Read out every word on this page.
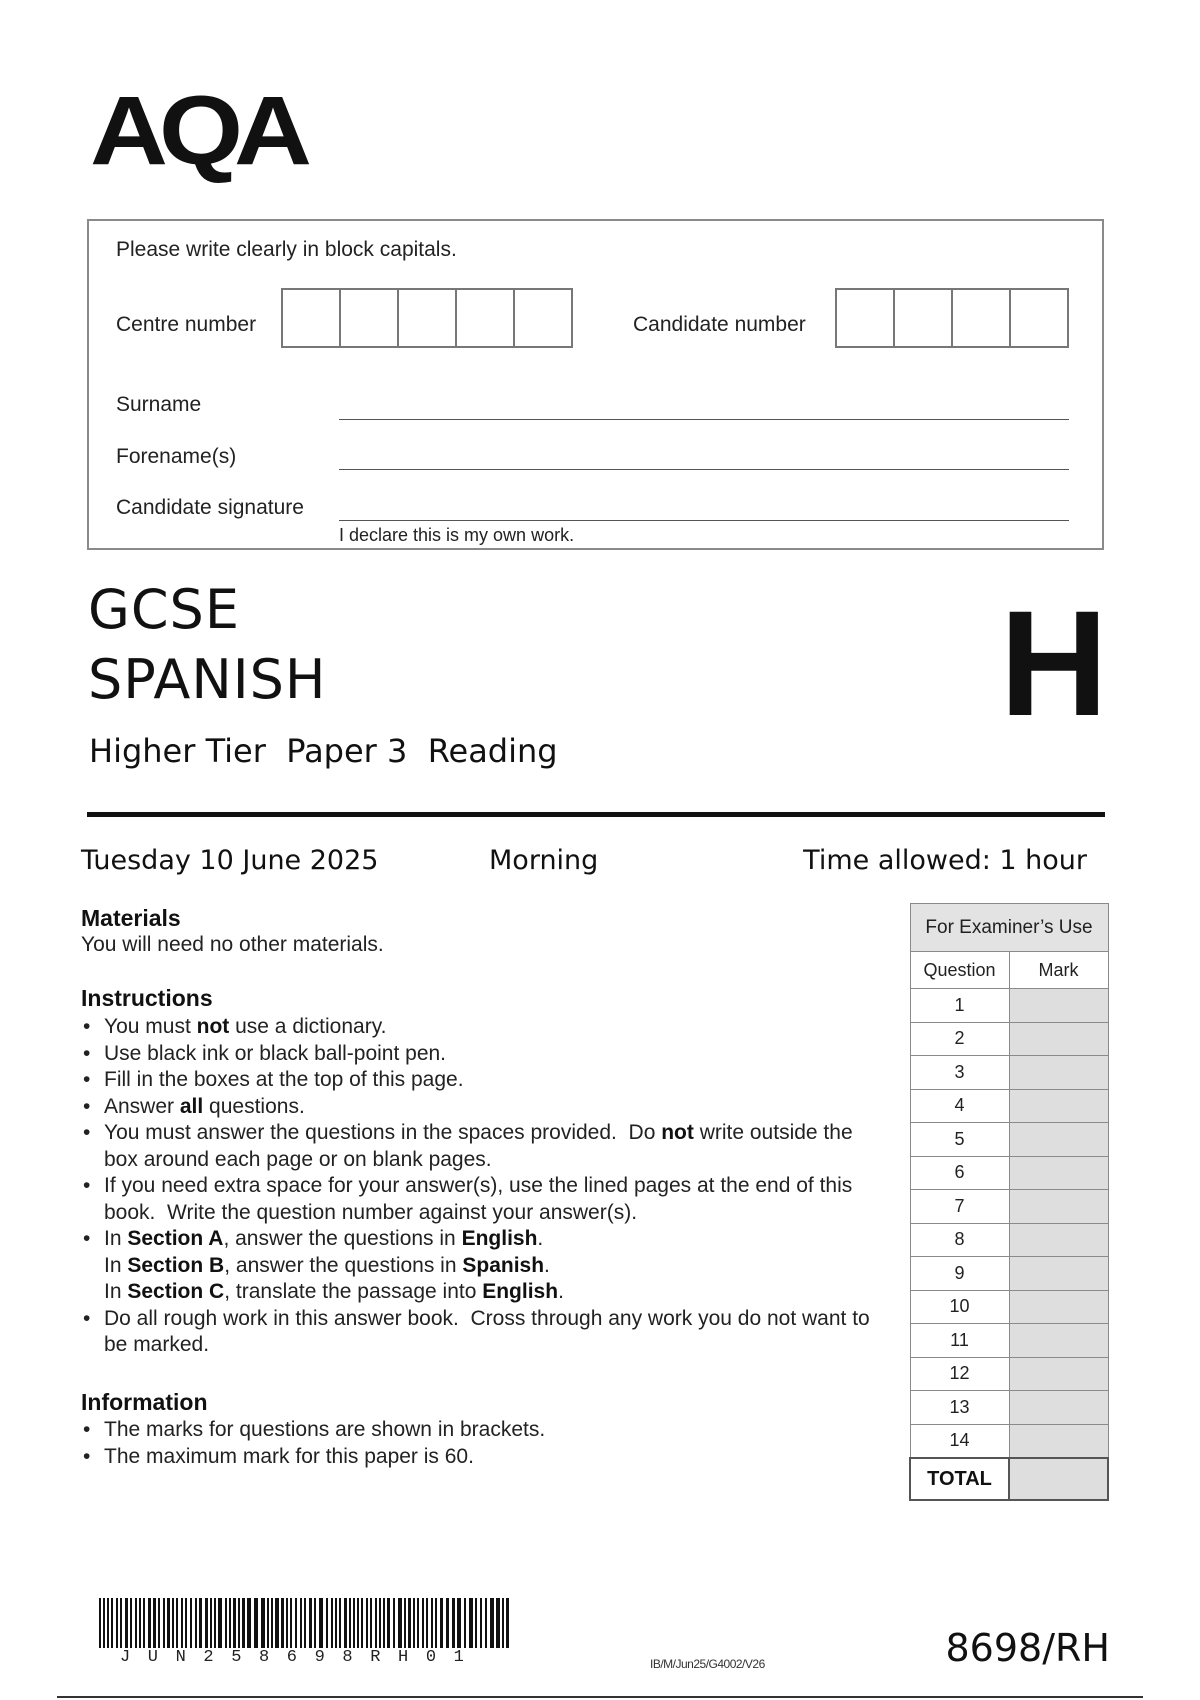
AQA
Please write clearly in block capitals.
Centre number	Candidate number
Surname
Forename(s)
Candidate signature
I declare this is my own work.
GCSE
SPANISH	H
Higher Tier  Paper 3  Reading
Tuesday 10 June 2025	Morning	Time allowed: 1 hour
Materials
You will need no other materials.
Instructions
• You must not use a dictionary.
• Use black ink or black ball-point pen.
• Fill in the boxes at the top of this page.
• Answer all questions.
• You must answer the questions in the spaces provided.  Do not write outside the box around each page or on blank pages.
• If you need extra space for your answer(s), use the lined pages at the end of this book.  Write the question number against your answer(s).
• In Section A, answer the questions in English.
In Section B, answer the questions in Spanish.
In Section C, translate the passage into English.
• Do all rough work in this answer book.  Cross through any work you do not want to be marked.
Information
• The marks for questions are shown in brackets.
• The maximum mark for this paper is 60.
For Examiner’s Use	
Question	Mark
1	
2	
3	
4	
5	
6	
7	
8	
9	
10	
11	
12	
13	
14	
TOTAL	
JUN258698RH01	IB/M/Jun25/G4002/V26	8698/RH
